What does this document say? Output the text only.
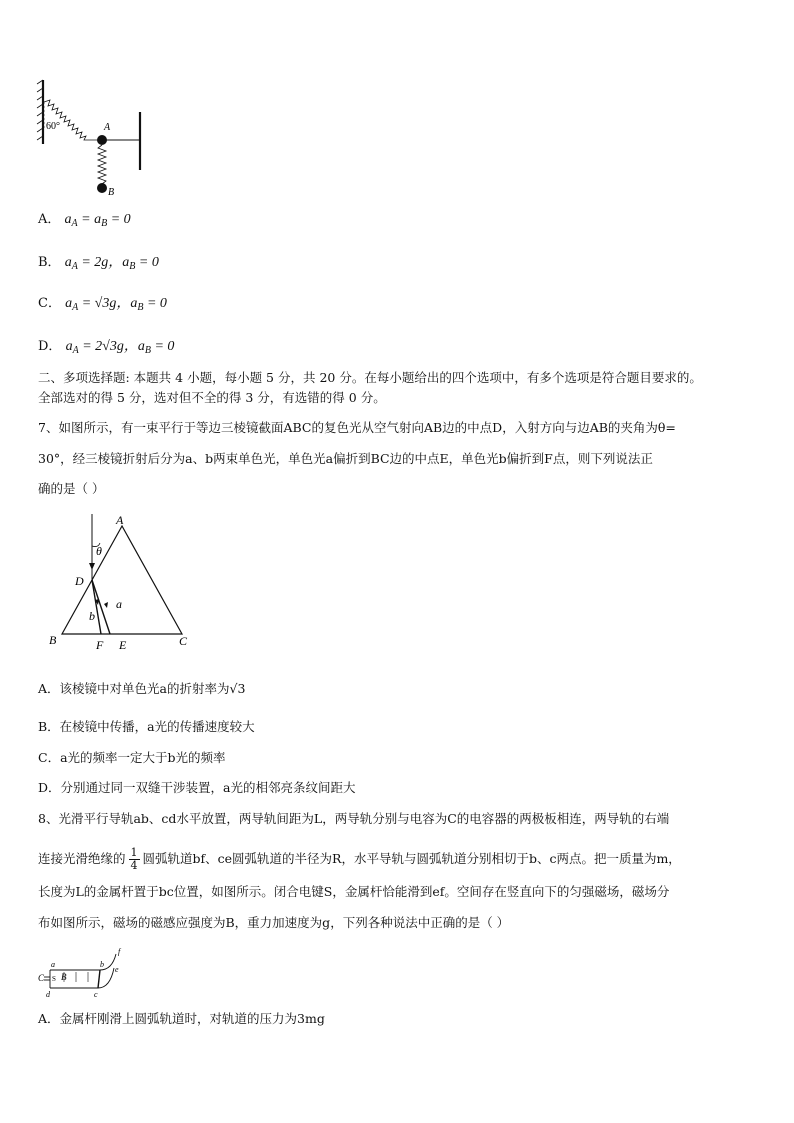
60°	A
B
A． $a_A = a_B = 0$
B． $a_A = 2g$，$a_B = 0$
C． $a_A = √3g$，$a_B = 0$
D． $a_A = 2√3g$，$a_B = 0$
二、多项选择题: 本题共 4 小题，每小题 5 分，共 20 分。在每小题给出的四个选项中，有多个选项是符合题目要求的。
全部选对的得 5 分，选对但不全的得 3 分，有选错的得 0 分。
7、如图所示，有一束平行于等边三棱镜截面ABC的复色光从空气射向AB边的中点D，入射方向与边AB的夹角为θ=
30°，经三棱镜折射后分为a、b两束单色光，单色光a偏折到BC边的中点E，单色光b偏折到F点，则下列说法正
确的是（ ）
A
B	C
D
E
F
a
b
θ
A．该棱镜中对单色光a的折射率为√3
B．在棱镜中传播，a光的传播速度较大
C．a光的频率一定大于b光的频率
D．分别通过同一双缝干涉装置，a光的相邻亮条纹间距大
8、光滑平行导轨ab、cd水平放置，两导轨间距为L，两导轨分别与电容为C的电容器的两极板相连，两导轨的右端
连接光滑绝缘的 $\frac{1}{4}$ 圆弧轨道bf、ce圆弧轨道的半径为R，水平导轨与圆弧轨道分别相切于b、c两点。把一质量为m，
长度为L的金属杆置于bc位置，如图所示。闭合电键S，金属杆恰能滑到ef。空间存在竖直向下的匀强磁场，磁场分
布如图所示，磁场的磁感应强度为B，重力加速度为g，下列各种说法中正确的是（ ）
C S B
a	b
c
d
e
f
A．金属杆刚滑上圆弧轨道时，对轨道的压力为3mg
